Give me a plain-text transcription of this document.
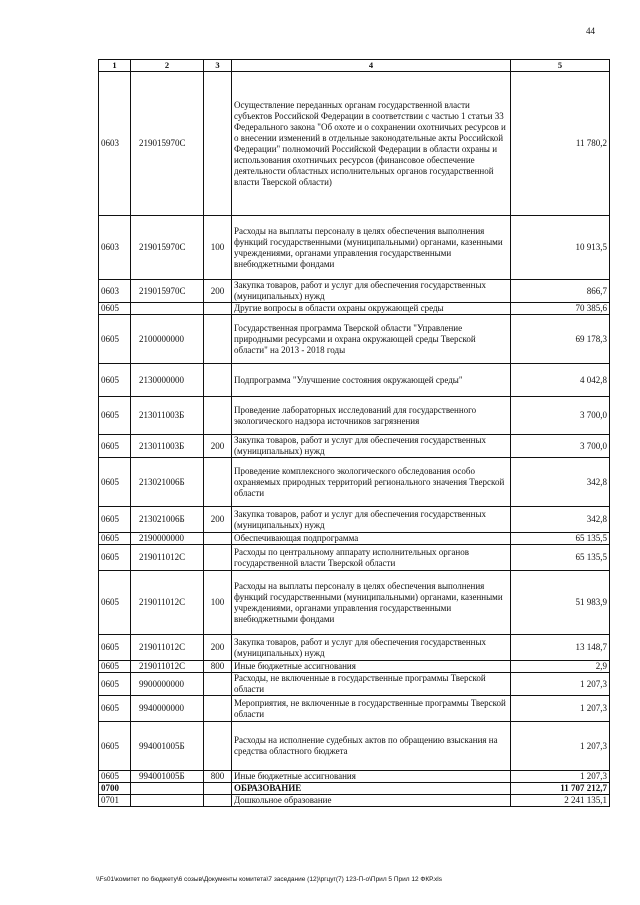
44
1	2	3	4	5
0603	219015970С		Осуществление переданных органам государственной власти субъектов Российской Федерации в соответствии с частью 1 статьи 33 Федерального закона "Об охоте и о сохранении охотничьих ресурсов и о внесении изменений в отдельные законодательные акты Российской Федерации" полномочий Российской Федерации в области охраны и использования охотничьих ресурсов (финансовое обеспечение деятельности областных исполнительных органов государственной власти Тверской области)	11 780,2
0603	219015970С	100	Расходы на выплаты персоналу в целях обеспечения выполнения функций государственными (муниципальными) органами, казенными учреждениями, органами управления государственными внебюджетными фондами	10 913,5
0603	219015970С	200	Закупка товаров, работ и услуг для обеспечения государственных (муниципальных) нужд	866,7
0605			Другие вопросы в области охраны окружающей среды	70 385,6
0605	2100000000		Государственная программа Тверской области "Управление природными ресурсами и охрана окружающей среды Тверской области" на 2013 - 2018 годы	69 178,3
0605	2130000000		Подпрограмма "Улучшение состояния окружающей среды"	4 042,8
0605	213011003Б		Проведение лабораторных исследований для государственного экологического надзора источников загрязнения	3 700,0
0605	213011003Б	200	Закупка товаров, работ и услуг для обеспечения государственных (муниципальных) нужд	3 700,0
0605	213021006Б		Проведение комплексного экологического обследования особо охраняемых природных территорий регионального значения Тверской области	342,8
0605	213021006Б	200	Закупка товаров, работ и услуг для обеспечения государственных (муниципальных) нужд	342,8
0605	2190000000		Обеспечивающая подпрограмма	65 135,5
0605	219011012С		Расходы по центральному аппарату исполнительных органов государственной власти Тверской области	65 135,5
0605	219011012С	100	Расходы на выплаты персоналу в целях обеспечения выполнения функций государственными (муниципальными) органами, казенными учреждениями, органами управления государственными внебюджетными фондами	51 983,9
0605	219011012С	200	Закупка товаров, работ и услуг для обеспечения государственных (муниципальных) нужд	13 148,7
0605	219011012С	800	Иные бюджетные ассигнования	2,9
0605	9900000000		Расходы, не включенные в государственные программы Тверской области	1 207,3
0605	9940000000		Мероприятия, не включенные в государственные программы Тверской области	1 207,3
0605	994001005Б		Расходы на исполнение судебных актов по обращению взыскания на средства областного бюджета	1 207,3
0605	994001005Б	800	Иные бюджетные ассигнования	1 207,3
0700			ОБРАЗОВАНИЕ	11 707 212,7
0701			Дошкольное образование	2 241 135,1
\\Fs01\комитет по бюджету\6 созыв\Документы комитета\7 заседание (12)\ргцуг(7) 123-П-о\Прил 5 Прил 12 ФКР.xls
